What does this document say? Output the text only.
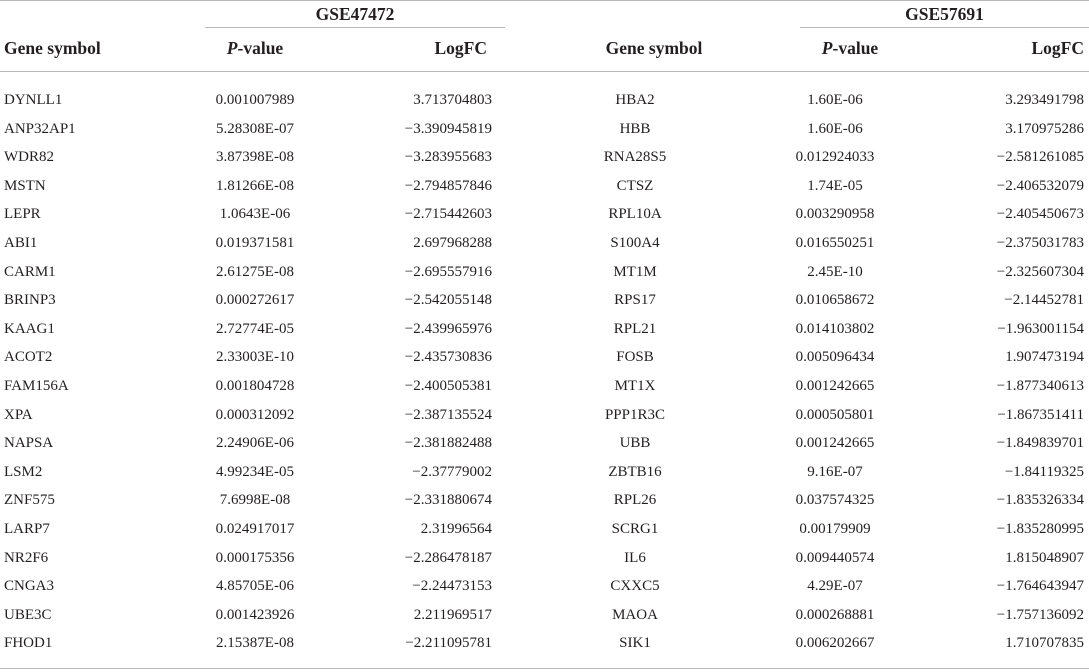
GSE47472	GSE57691
Gene symbol	P-value	LogFC	Gene symbol	P-value	LogFC
DYNLL1	0.001007989	3.713704803	HBA2	1.60E-06	3.293491798
ANP32AP1	5.28308E-07	−3.390945819	HBB	1.60E-06	3.170975286
WDR82	3.87398E-08	−3.283955683	RNA28S5	0.012924033	−2.581261085
MSTN	1.81266E-08	−2.794857846	CTSZ	1.74E-05	−2.406532079
LEPR	1.0643E-06	−2.715442603	RPL10A	0.003290958	−2.405450673
ABI1	0.019371581	2.697968288	S100A4	0.016550251	−2.375031783
CARM1	2.61275E-08	−2.695557916	MT1M	2.45E-10	−2.325607304
BRINP3	0.000272617	−2.542055148	RPS17	0.010658672	−2.14452781
KAAG1	2.72774E-05	−2.439965976	RPL21	0.014103802	−1.963001154
ACOT2	2.33003E-10	−2.435730836	FOSB	0.005096434	1.907473194
FAM156A	0.001804728	−2.400505381	MT1X	0.001242665	−1.877340613
XPA	0.000312092	−2.387135524	PPP1R3C	0.000505801	−1.867351411
NAPSA	2.24906E-06	−2.381882488	UBB	0.001242665	−1.849839701
LSM2	4.99234E-05	−2.37779002	ZBTB16	9.16E-07	−1.84119325
ZNF575	7.6998E-08	−2.331880674	RPL26	0.037574325	−1.835326334
LARP7	0.024917017	2.31996564	SCRG1	0.00179909	−1.835280995
NR2F6	0.000175356	−2.286478187	IL6	0.009440574	1.815048907
CNGA3	4.85705E-06	−2.24473153	CXXC5	4.29E-07	−1.764643947
UBE3C	0.001423926	2.211969517	MAOA	0.000268881	−1.757136092
FHOD1	2.15387E-08	−2.211095781	SIK1	0.006202667	1.710707835
